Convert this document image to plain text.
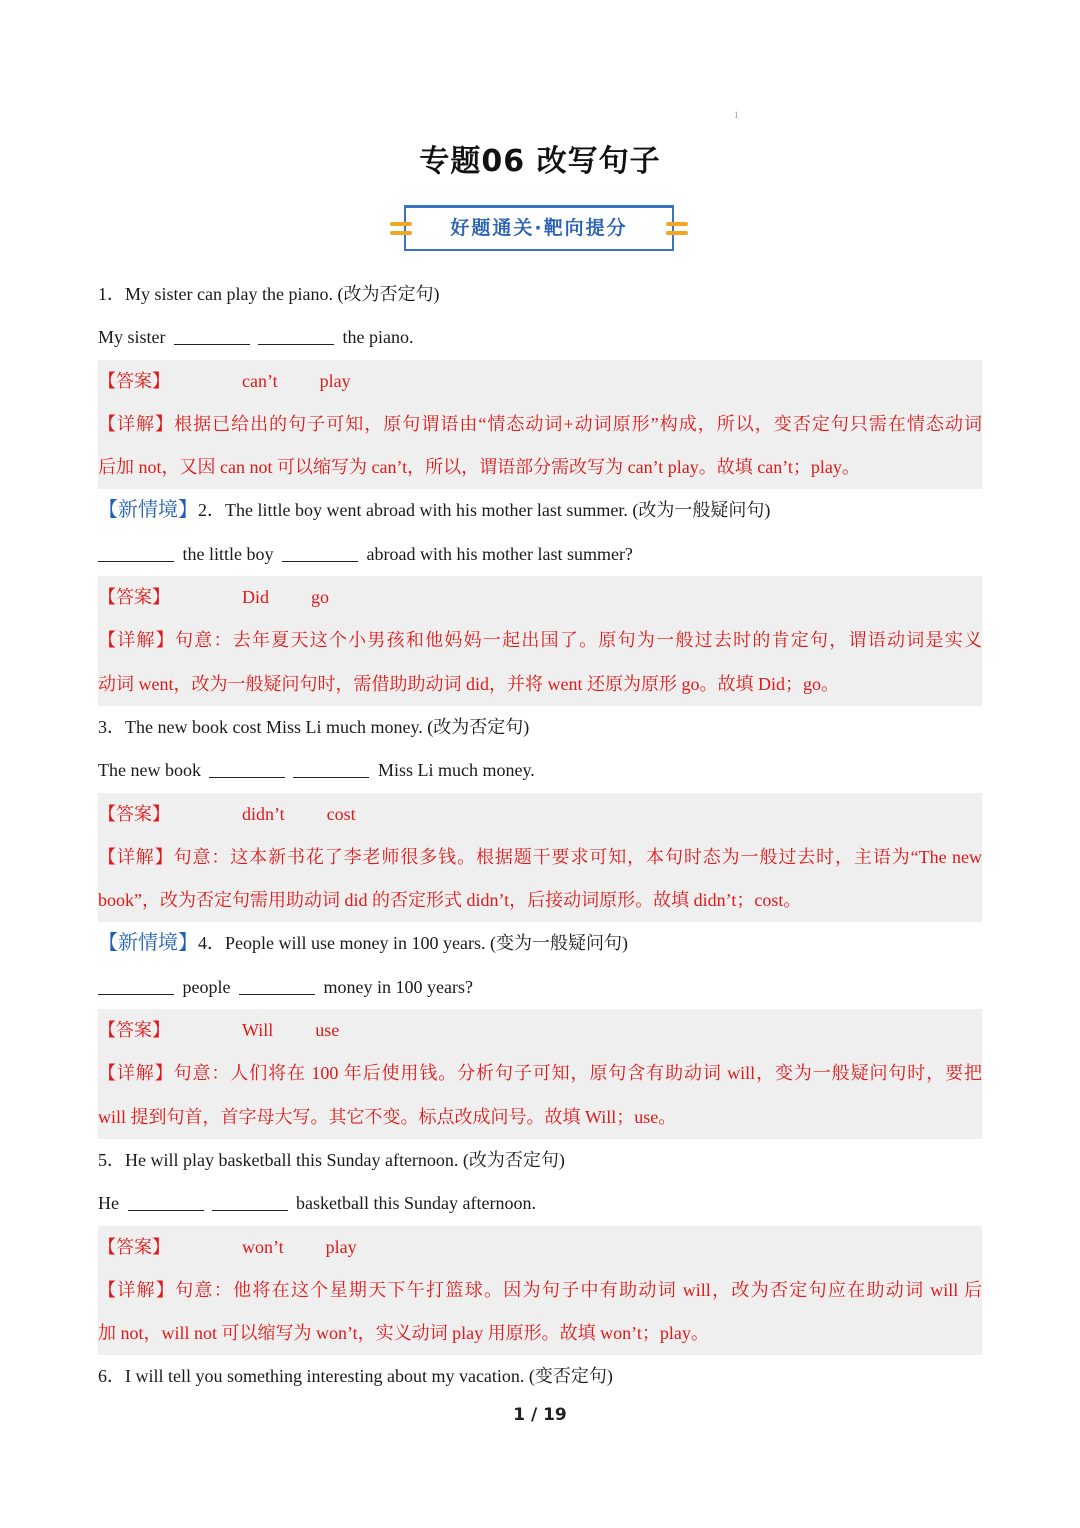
1
专题06 改写句子
好题通关·靶向提分
1．My sister can play the piano. (改为否定句)
My sister	the piano.
【答案】	can’t play
【详解】根据已给出的句子可知，原句谓语由“情态动词+动词原形”构成，所以，变否定句只需在情态动词
后加 not，又因 can not 可以缩写为 can’t，所以，谓语部分需改写为 can’t play。故填 can’t；play。
【新情境】2．The little boy went abroad with his mother last summer. (改为一般疑问句)
the little boy	abroad with his mother last summer?
【答案】	Did go
【详解】句意：去年夏天这个小男孩和他妈妈一起出国了。原句为一般过去时的肯定句，谓语动词是实义
动词 went，改为一般疑问句时，需借助助动词 did，并将 went 还原为原形 go。故填 Did；go。
3．The new book cost Miss Li much money. (改为否定句)
The new book	Miss Li much money.
【答案】	didn’t cost
【详解】句意：这本新书花了李老师很多钱。根据题干要求可知，本句时态为一般过去时，主语为“The new
book”，改为否定句需用助动词 did 的否定形式 didn’t，后接动词原形。故填 didn’t；cost。
【新情境】4．People will use money in 100 years. (变为一般疑问句)
people	money in 100 years?
【答案】	Will use
【详解】句意：人们将在 100 年后使用钱。分析句子可知，原句含有助动词 will，变为一般疑问句时，要把
will 提到句首，首字母大写。其它不变。标点改成问号。故填 Will；use。
5．He will play basketball this Sunday afternoon. (改为否定句)
He	basketball this Sunday afternoon.
【答案】	won’t play
【详解】句意：他将在这个星期天下午打篮球。因为句子中有助动词 will，改为否定句应在助动词 will 后
加 not，will not 可以缩写为 won’t，实义动词 play 用原形。故填 won’t；play。
6．I will tell you something interesting about my vacation. (变否定句)
1 / 19
